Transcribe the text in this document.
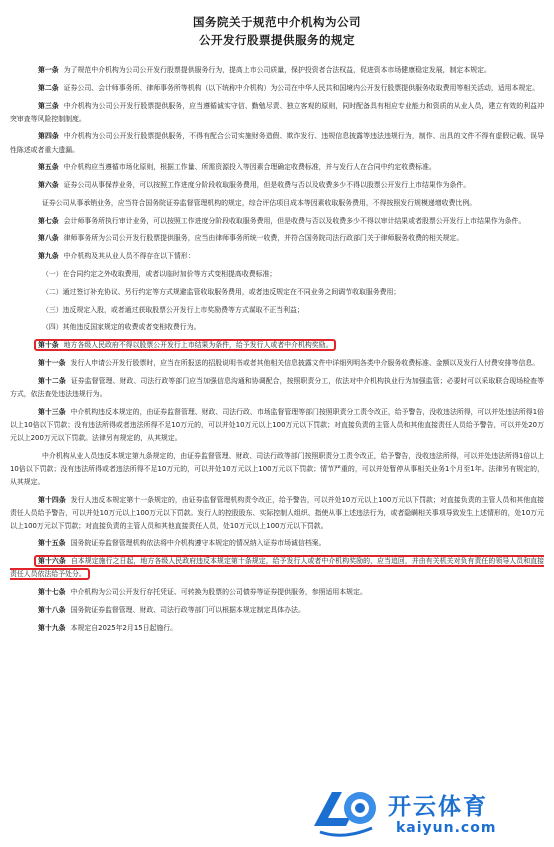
国务院关于规范中介机构为公司
公开发行股票提供服务的规定

第一条 为了规范中介机构为公司公开发行股票提供服务行为，提高上市公司质量，保护投资者合法权益，促进资本市场健康稳定发展，制定本规定。

第二条 证券公司、会计师事务所、律师事务所等机构（以下统称中介机构）为公司在中华人民共和国境内公开发行股票提供服务收取费用等相关活动，适用本规定。

第三条 中介机构为公司公开发行股票提供服务，应当遵循诚实守信、勤勉尽责、独立客观的原则，同时配备具有相应专业能力和资质的从业人员，建立有效的利益冲突审查等风险控制制度。

第四条 中介机构为公司公开发行股票提供服务，不得有配合公司实施财务造假、欺诈发行、违规信息披露等违法违规行为，制作、出具的文件不得有虚假记载、误导性陈述或者重大遗漏。

第五条 中介机构应当遵循市场化原则，根据工作量、所需资源投入等因素合理确定收费标准，并与发行人在合同中约定收费标准。

第六条 证券公司从事保荐业务，可以按照工作进度分阶段收取服务费用，但是收费与否以及收费多少不得以股票公开发行上市结果作为条件。

证券公司从事承销业务，应当符合国务院证券监督管理机构的规定，综合评估项目成本等因素收取服务费用，不得按照发行规模递增收费比例。

第七条 会计师事务所执行审计业务，可以按照工作进度分阶段收取服务费用，但是收费与否以及收费多少不得以审计结果或者股票公开发行上市结果作为条件。

第八条 律师事务所为公司公开发行股票提供服务，应当由律师事务所统一收费，并符合国务院司法行政部门关于律师服务收费的相关规定。

第九条 中介机构及其从业人员不得存在以下情形：

（一）在合同约定之外收取费用，或者以临时加价等方式变相提高收费标准；

（二）通过签订补充协议、另行约定等方式规避监管收取服务费用，或者违反规定在不同业务之间调节收取服务费用；

（三）违反规定入股，或者通过获取股票公开发行上市奖励费等方式谋取不正当利益；

（四）其他违反国家规定的收费或者变相收费行为。

第十条 地方各级人民政府不得以股票公开发行上市结果为条件，给予发行人或者中介机构奖励。

第十一条 发行人申请公开发行股票时，应当在所报送的招股说明书或者其他相关信息披露文件中详细列明各类中介服务收费标准、金额以及发行人付费安排等信息。

第十二条 证券监督管理、财政、司法行政等部门应当加强信息沟通和协调配合，按照职责分工，依法对中介机构执业行为加强监管；必要时可以采取联合现场检查等方式，依法查处违法违规行为。

第十三条 中介机构违反本规定的，由证券监督管理、财政、司法行政、市场监督管理等部门按照职责分工责令改正，给予警告，没收违法所得，可以并处违法所得1倍以上10倍以下罚款；没有违法所得或者违法所得不足10万元的，可以并处10万元以上100万元以下罚款；对直接负责的主管人员和其他直接责任人员给予警告，可以并处20万元以上200万元以下罚款。法律另有规定的，从其规定。

中介机构从业人员违反本规定第九条规定的，由证券监督管理、财政、司法行政等部门按照职责分工责令改正，给予警告，没收违法所得，可以并处违法所得1倍以上10倍以下罚款；没有违法所得或者违法所得不足10万元的，可以并处10万元以上100万元以下罚款；情节严重的，可以并处暂停从事相关业务1个月至1年。法律另有规定的，从其规定。

第十四条 发行人违反本规定第十一条规定的，由证券监督管理机构责令改正，给予警告，可以并处10万元以上100万元以下罚款；对直接负责的主管人员和其他直接责任人员给予警告，可以并处10万元以上100万元以下罚款。发行人的控股股东、实际控制人组织、指使从事上述违法行为，或者隐瞒相关事项导致发生上述情形的，处10万元以上100万元以下罚款；对直接负责的主管人员和其他直接责任人员，处10万元以上100万元以下罚款。

第十五条 国务院证券监督管理机构依法将中介机构遵守本规定的情况纳入证券市场诚信档案。

第十六条 自本规定施行之日起，地方各级人民政府违反本规定第十条规定，给予发行人或者中介机构奖励的，应当追回，并由有关机关对负有责任的领导人员和直接责任人员依法给予处分。

第十七条 中介机构为公司公开发行存托凭证、可转换为股票的公司债券等证券提供服务，参照适用本规定。

第十八条 国务院证券监督管理、财政、司法行政等部门可以根据本规定制定具体办法。

第十九条 本规定自2025年2月15日起施行。

开云体育
kaiyun.com
